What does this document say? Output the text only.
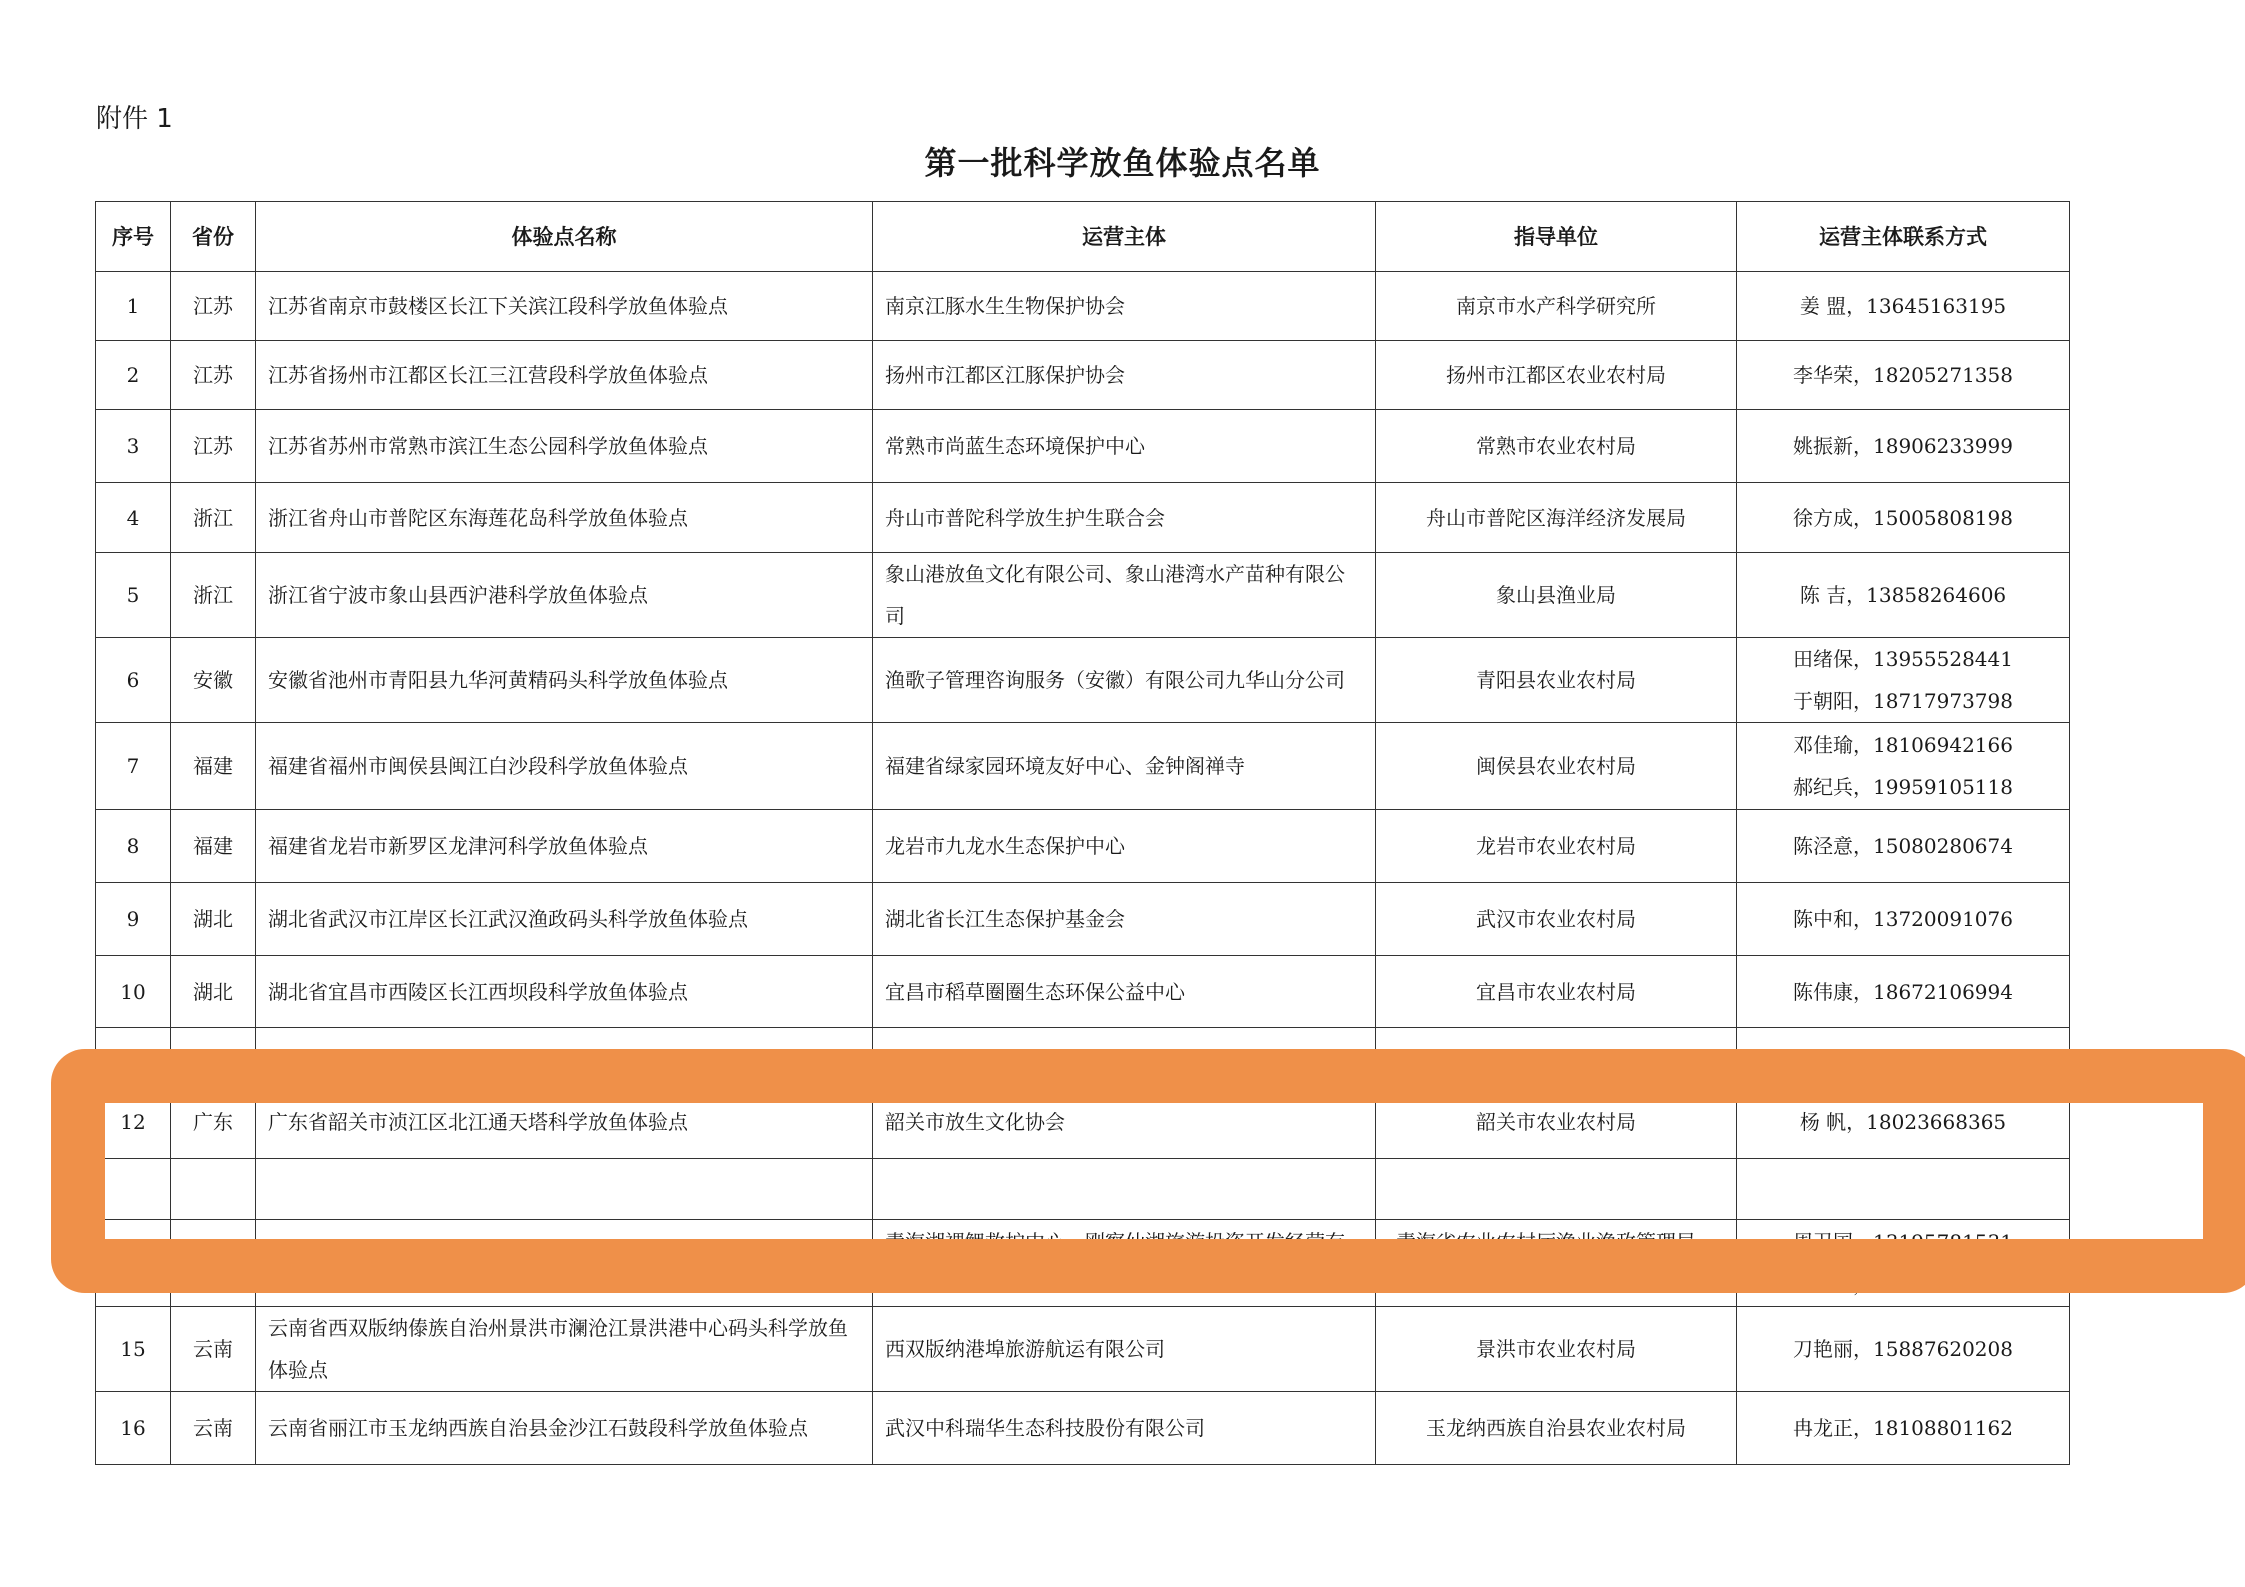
附件 1
第一批科学放鱼体验点名单
序号	省份	体验点名称	运营主体	指导单位	运营主体联系方式
1	江苏	江苏省南京市鼓楼区长江下关滨江段科学放鱼体验点	南京江豚水生生物保护协会	南京市水产科学研究所	姜 盟，13645163195

2	江苏	江苏省扬州市江都区长江三江营段科学放鱼体验点	扬州市江都区江豚保护协会	扬州市江都区农业农村局	李华荣，18205271358

3	江苏	江苏省苏州市常熟市滨江生态公园科学放鱼体验点	常熟市尚蓝生态环境保护中心	常熟市农业农村局	姚振新，18906233999

4	浙江	浙江省舟山市普陀区东海莲花岛科学放鱼体验点	舟山市普陀科学放生护生联合会	舟山市普陀区海洋经济发展局	徐方成，15005808198

5	浙江	浙江省宁波市象山县西沪港科学放鱼体验点	象山港放鱼文化有限公司、象山港湾水产苗种有限公司	象山县渔业局	陈 吉，13858264606

6	安徽	安徽省池州市青阳县九华河黄精码头科学放鱼体验点	渔歌子管理咨询服务（安徽）有限公司九华山分公司	青阳县农业农村局	田绪保，13955528441
于朝阳，18717973798

7	福建	福建省福州市闽侯县闽江白沙段科学放鱼体验点	福建省绿家园环境友好中心、金钟阁禅寺	闽侯县农业农村局	邓佳瑜，18106942166
郝纪兵，19959105118

8	福建	福建省龙岩市新罗区龙津河科学放鱼体验点	龙岩市九龙水生态保护中心	龙岩市农业农村局	陈泾意，15080280674

9	湖北	湖北省武汉市江岸区长江武汉渔政码头科学放鱼体验点	湖北省长江生态保护基金会	武汉市农业农村局	陈中和，13720091076

10	湖北	湖北省宜昌市西陵区长江西坝段科学放鱼体验点	宜昌市稻草圈圈生态环保公益中心	宜昌市农业农村局	陈伟康，18672106994

12	广东	广东省韶关市浈江区北江通天塔科学放鱼体验点	韶关市放生文化协会	韶关市农业农村局	杨 帆，18023668365

14	青海	青海省海北藏族自治州刚察县沙柳河湟鱼家园科学放鱼体验点	青海湖裸鲤救护中心、刚察仙湖旅游投资开发经营有限公司	青海省农业农村厅渔业渔政管理局、青海省人民检察院	周卫国，13195781531
包文梅，13909708540

15	云南	云南省西双版纳傣族自治州景洪市澜沧江景洪港中心码头科学放鱼体验点	西双版纳港埠旅游航运有限公司	景洪市农业农村局	刀艳丽，15887620208

16	云南	云南省丽江市玉龙纳西族自治县金沙江石鼓段科学放鱼体验点	武汉中科瑞华生态科技股份有限公司	玉龙纳西族自治县农业农村局	冉龙正，18108801162
